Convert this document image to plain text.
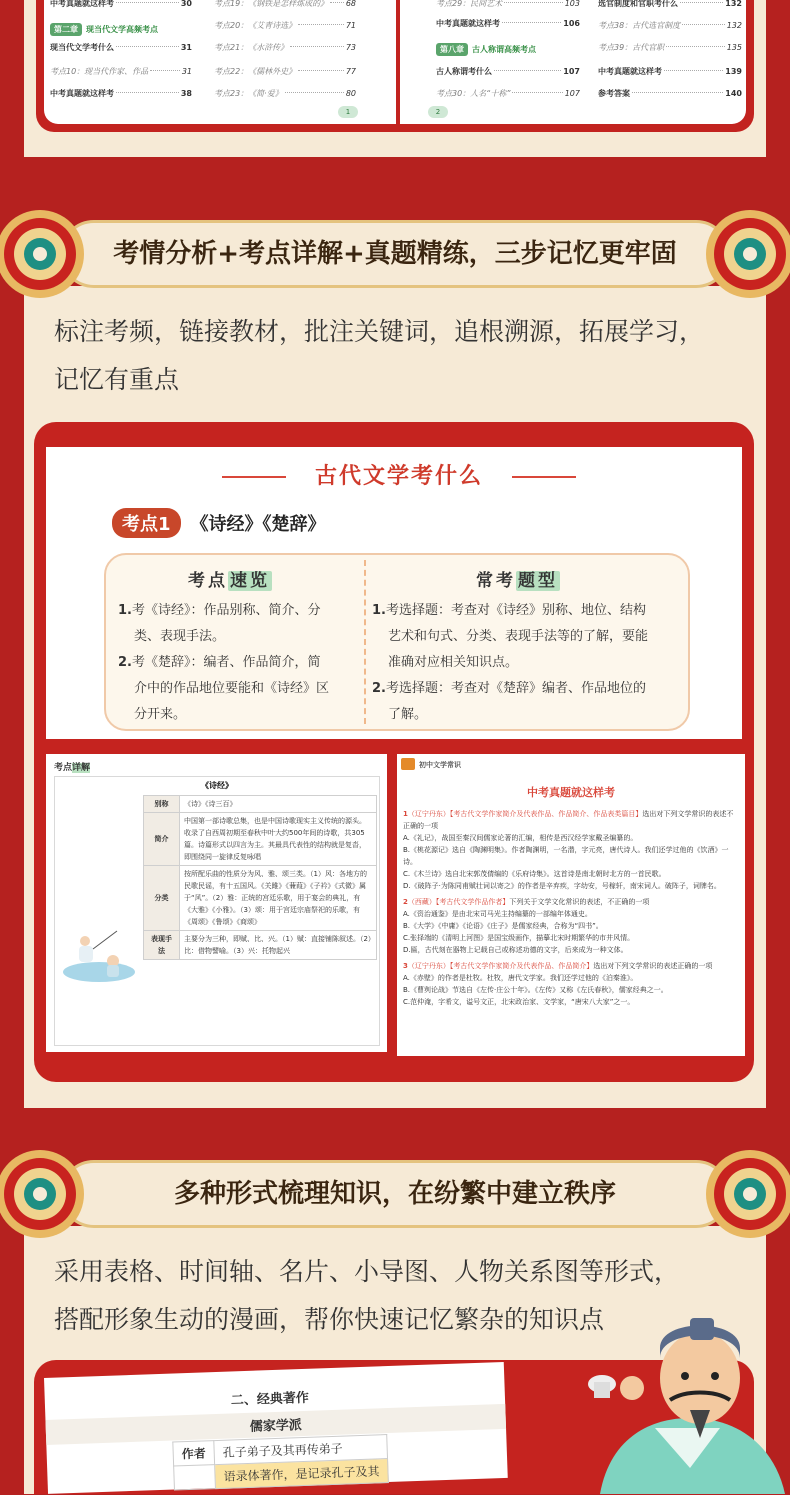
中考真题就这样考	30
第二章	现当代文学高频考点
现当代文学考什么	31
考点10：现当代作家、作品	31
中考真题就这样考	38
考点19：《钢铁是怎样炼成的》 68
考点20：《艾青诗选》	71
考点21：《水浒传》	73
考点22：《儒林外史》	77
考点23：《简·爱》	80
1
考点29：民间艺术	103
中考真题就这样考	106
第八章	古人称谓高频考点
古人称谓考什么	107
考点30：人名“十称”	107
2
选官制度和官职考什么	132
考点38：古代选官制度	132
考点39：古代官职	135
中考真题就这样考	139
参考答案	140
考情分析+考点详解+真题精练，三步记忆更牢固
标注考频，链接教材，批注关键词，追根溯源，拓展学习，
记忆有重点
古代文学考什么
考点1	《诗经》《楚辞》
考点 速览	常考 题型
1.考《诗经》：作品别称、简介、分
类、表现手法。
2.考《楚辞》：编者、作品简介，简
介中的作品地位要能和《诗经》区
分开来。
1.考选择题：考查对《诗经》别称、地位、结构
艺术和句式、分类、表现手法等的了解，要能
准确对应相关知识点。
2.考选择题：考查对《楚辞》编者、作品地位的
了解。
考点详解
《诗经》
别称	《诗》《诗三百》
简介	中国第一部诗歌总集，也是中国诗歌现实主义传统的源头。收录了自西周初期至春秋中叶大约500年间的诗歌，共305篇。诗篇形式以四言为主。其最具代表性的结构就是复沓，即围绕同一旋律反复咏唱
分类	按所配乐曲的性质分为风、雅、颂三类。（1）风：各地方的民歌民谣，有十五国风。《关雎》《蒹葭》《子衿》《式微》属于“风”。（2）雅：正统的宫廷乐歌，用于宴会的典礼，有《大雅》《小雅》。（3）颂：用于宫廷宗庙祭祀的乐歌，有《周颂》《鲁颂》《商颂》
表现手法	主要分为三种，即赋、比、兴。（1）赋：直接铺陈叙述。（2）比：借物譬喻。（3）兴：托物起兴
初中文学常识
中考真题就这样考
1（辽宁丹东）【考古代文学作家简介及代表作品、作品简介、作品表类篇目】选出对下列文学常识的表述不正确的一项
A.《礼记》，战国至秦汉间儒家论著的汇编，相传是西汉经学家戴圣编纂的。
B.《桃花源记》选自《陶渊明集》。作者陶渊明，一名潜，字元亮，唐代诗人。我们还学过他的《饮酒》一诗。
C.《木兰诗》选自北宋郭茂倩编的《乐府诗集》。这首诗是南北朝时北方的一首民歌。
D.《破阵子·为陈同甫赋壮词以寄之》的作者是辛弃疾，字幼安，号稼轩，南宋词人。破阵子，词牌名。
2（西藏）【考古代文学作品作者】下列关于文学文化常识的表述，不正确的一项
A.《资治通鉴》是由北宋司马光主持编纂的一部编年体通史。
B.《大学》《中庸》《论语》《庄子》是儒家经典，合称为“四书”。
C.张择端的《清明上河图》是国宝级画作，描摹北宋时期繁华的市井风情。
D.匾，古代刻在器物上记载自己或称述功德的文字，后来成为一种文体。
3（辽宁丹东）【考古代文学作家简介及代表作品、作品简介】选出对下列文学常识的表述正确的一项
A.《赤壁》的作者是杜牧。杜牧，唐代文学家。我们还学过他的《泊秦淮》。
B.《曹刿论战》节选自《左传·庄公十年》。《左传》又称《左氏春秋》，儒家经典之一。
C.范仲淹，字希文，谥号文正，北宋政治家、文学家，“唐宋八大家”之一。
多种形式梳理知识，在纷繁中建立秩序
采用表格、时间轴、名片、小导图、人物关系图等形式，
搭配形象生动的漫画，帮你快速记忆繁杂的知识点
二、经典著作
儒家学派
作者	孔子弟子及其再传弟子
	语录体著作，是记录孔子及其
